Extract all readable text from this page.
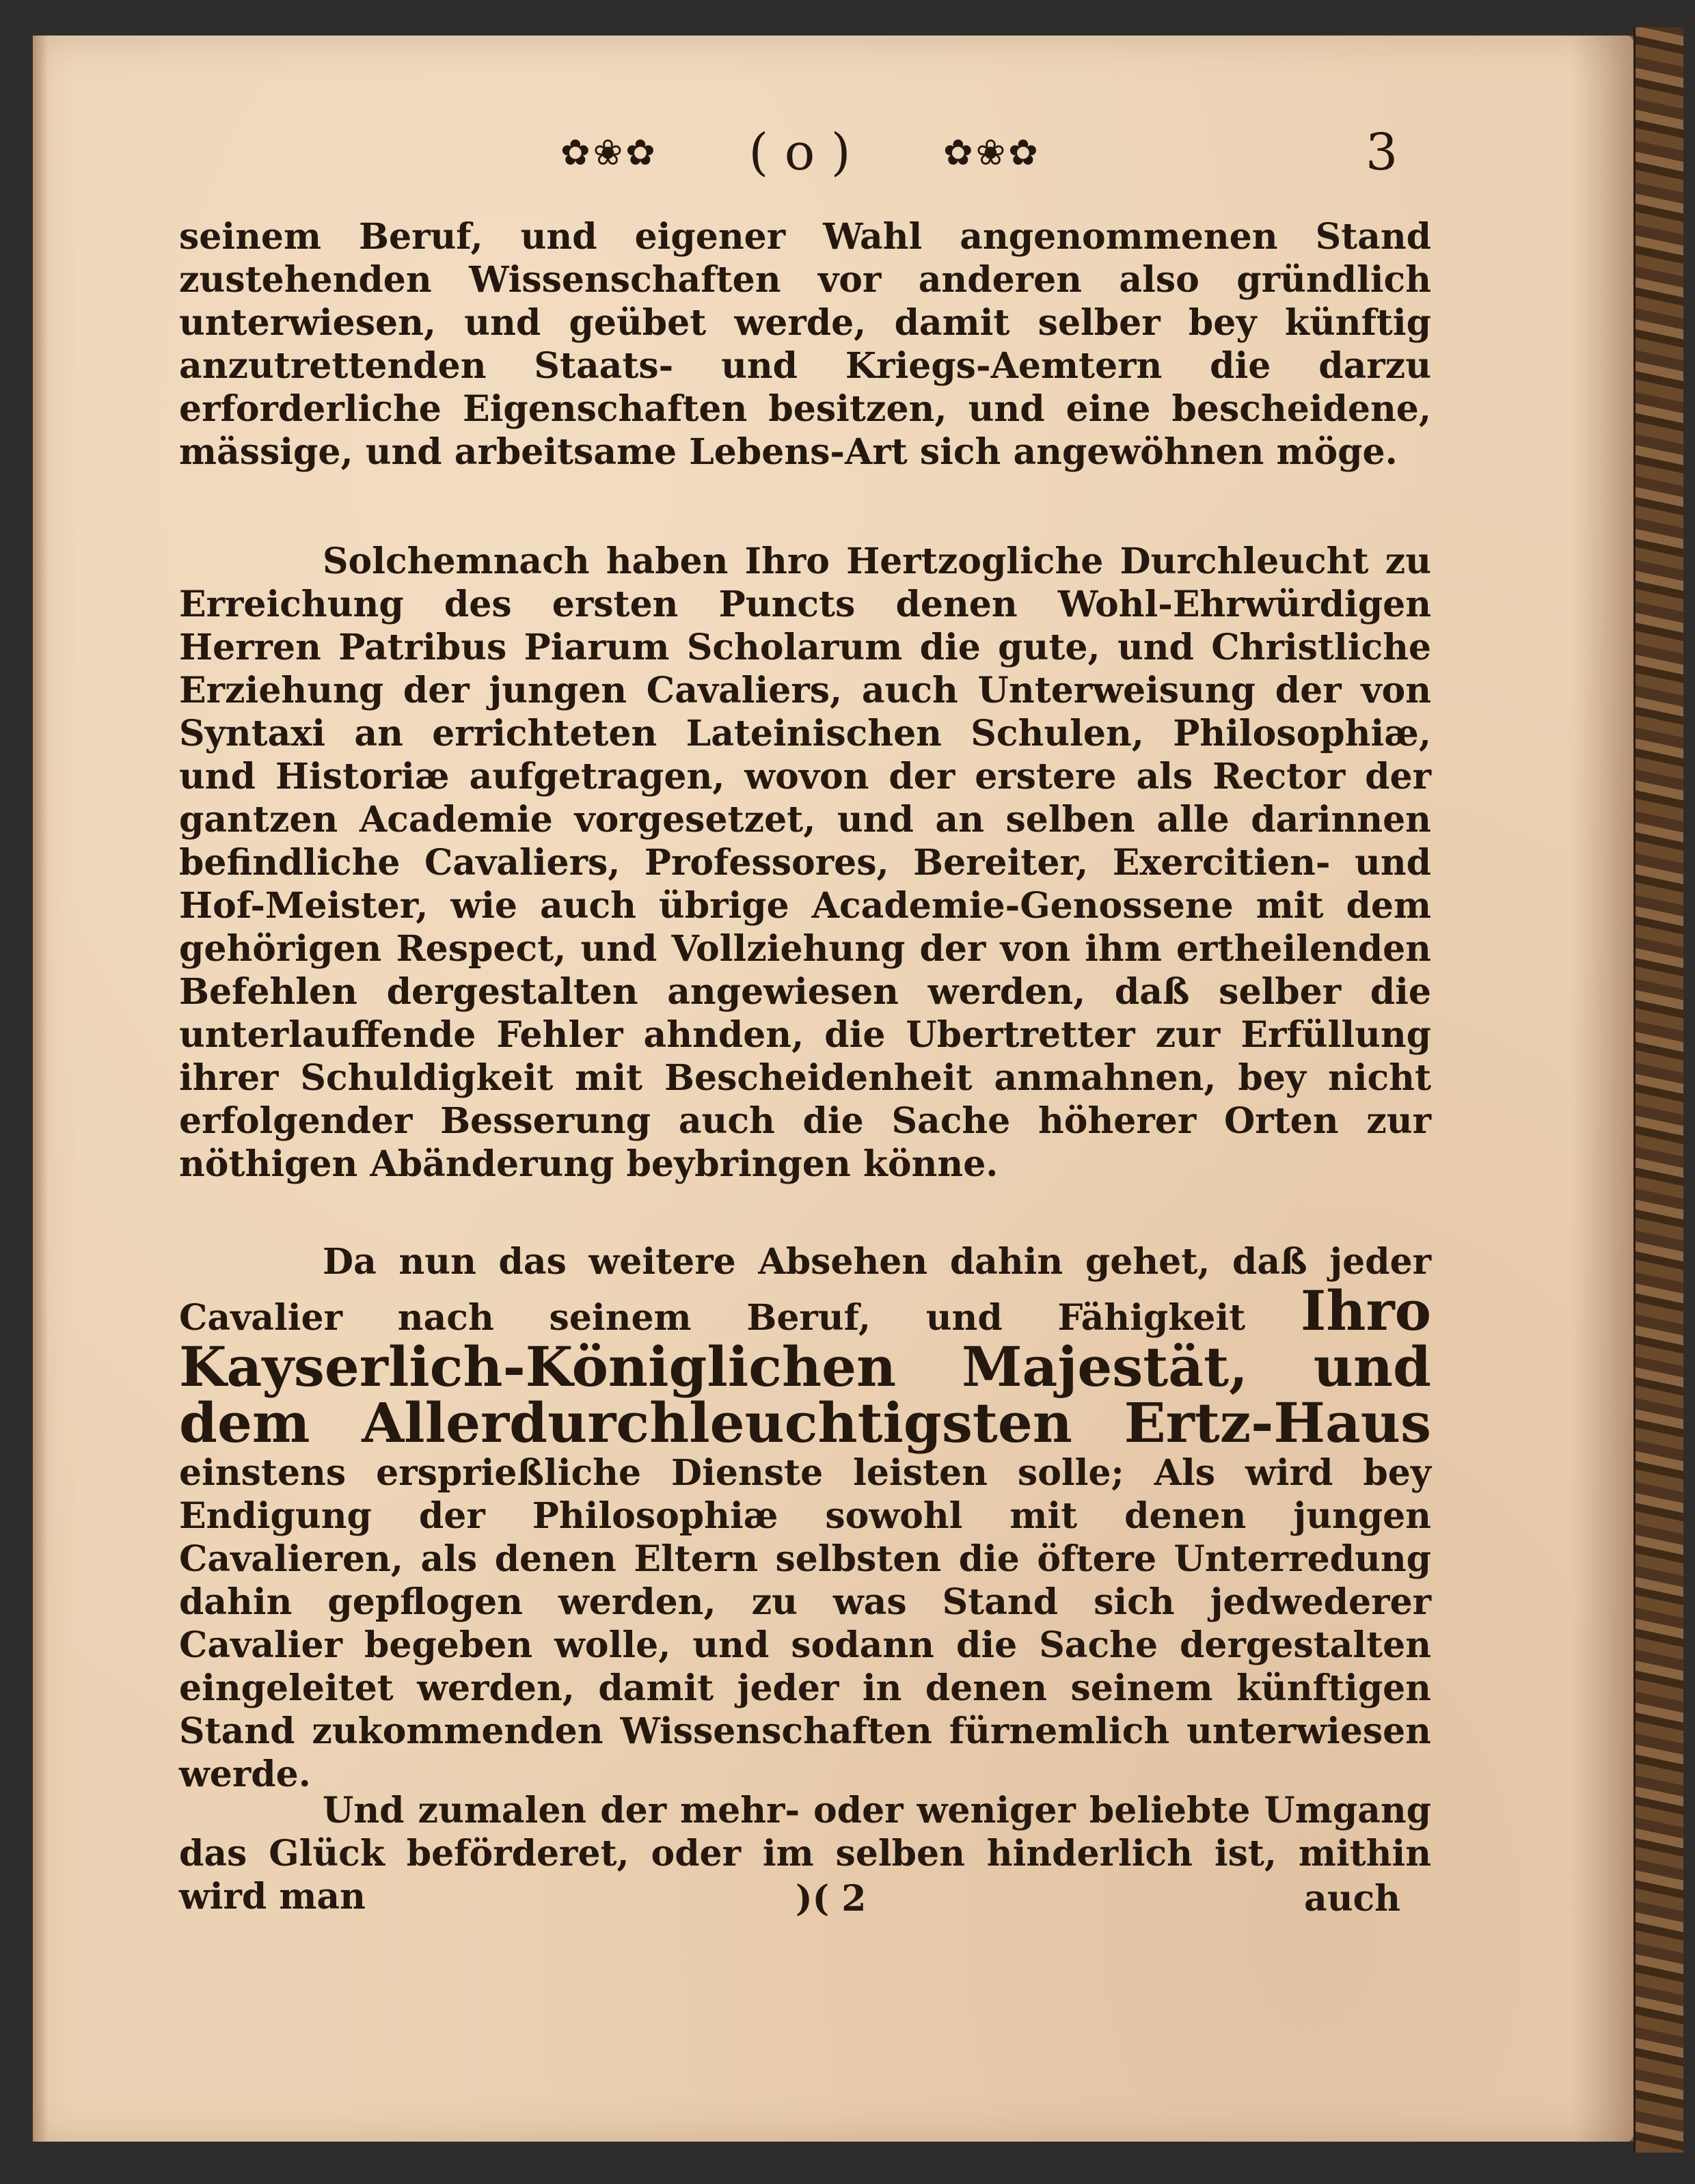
✿❀✿	( o )	✿❀✿	3

seinem Beruf, und eigener Wahl angenommenen Stand zustehenden Wissenschaften vor anderen also gründlich unterwiesen, und geübet werde, damit selber bey künftig anzutrettenden Staats- und Kriegs-Aemtern die darzu erforderliche Eigenschaften besitzen, und eine bescheidene, mässige, und arbeitsame Lebens-Art sich angewöhnen möge.

Solchemnach haben Ihro Hertzogliche Durchleucht zu Erreichung des ersten Puncts denen Wohl-Ehrwürdigen Herren Patribus Piarum Scholarum die gute, und Christliche Erziehung der jungen Cavaliers, auch Unterweisung der von Syntaxi an errichteten Lateinischen Schulen, Philosophiæ, und Historiæ aufgetragen, wovon der erstere als Rector der gantzen Academie vorgesetzet, und an selben alle darinnen befindliche Cavaliers, Professores, Bereiter, Exercitien- und Hof-Meister, wie auch übrige Academie-Genossene mit dem gehörigen Respect, und Vollziehung der von ihm ertheilenden Befehlen dergestalten angewiesen werden, daß selber die unterlauffende Fehler ahnden, die Ubertretter zur Erfüllung ihrer Schuldigkeit mit Bescheidenheit anmahnen, bey nicht erfolgender Besserung auch die Sache höherer Orten zur nöthigen Abänderung beybringen könne.

Da nun das weitere Absehen dahin gehet, daß jeder Cavalier nach seinem Beruf, und Fähigkeit Ihro Kayserlich-Königlichen Majestät, und dem Allerdurchleuchtigsten Ertz-Haus einstens ersprießliche Dienste leisten solle; Als wird bey Endigung der Philosophiæ sowohl mit denen jungen Cavalieren, als denen Eltern selbsten die öftere Unterredung dahin gepflogen werden, zu was Stand sich jedwederer Cavalier begeben wolle, und sodann die Sache dergestalten eingeleitet werden, damit jeder in denen seinem künftigen Stand zukommenden Wissenschaften fürnemlich unterwiesen werde.

Und zumalen der mehr- oder weniger beliebte Umgang das Glück beförderet, oder im selben hinderlich ist, mithin wird man	)( 2	auch
